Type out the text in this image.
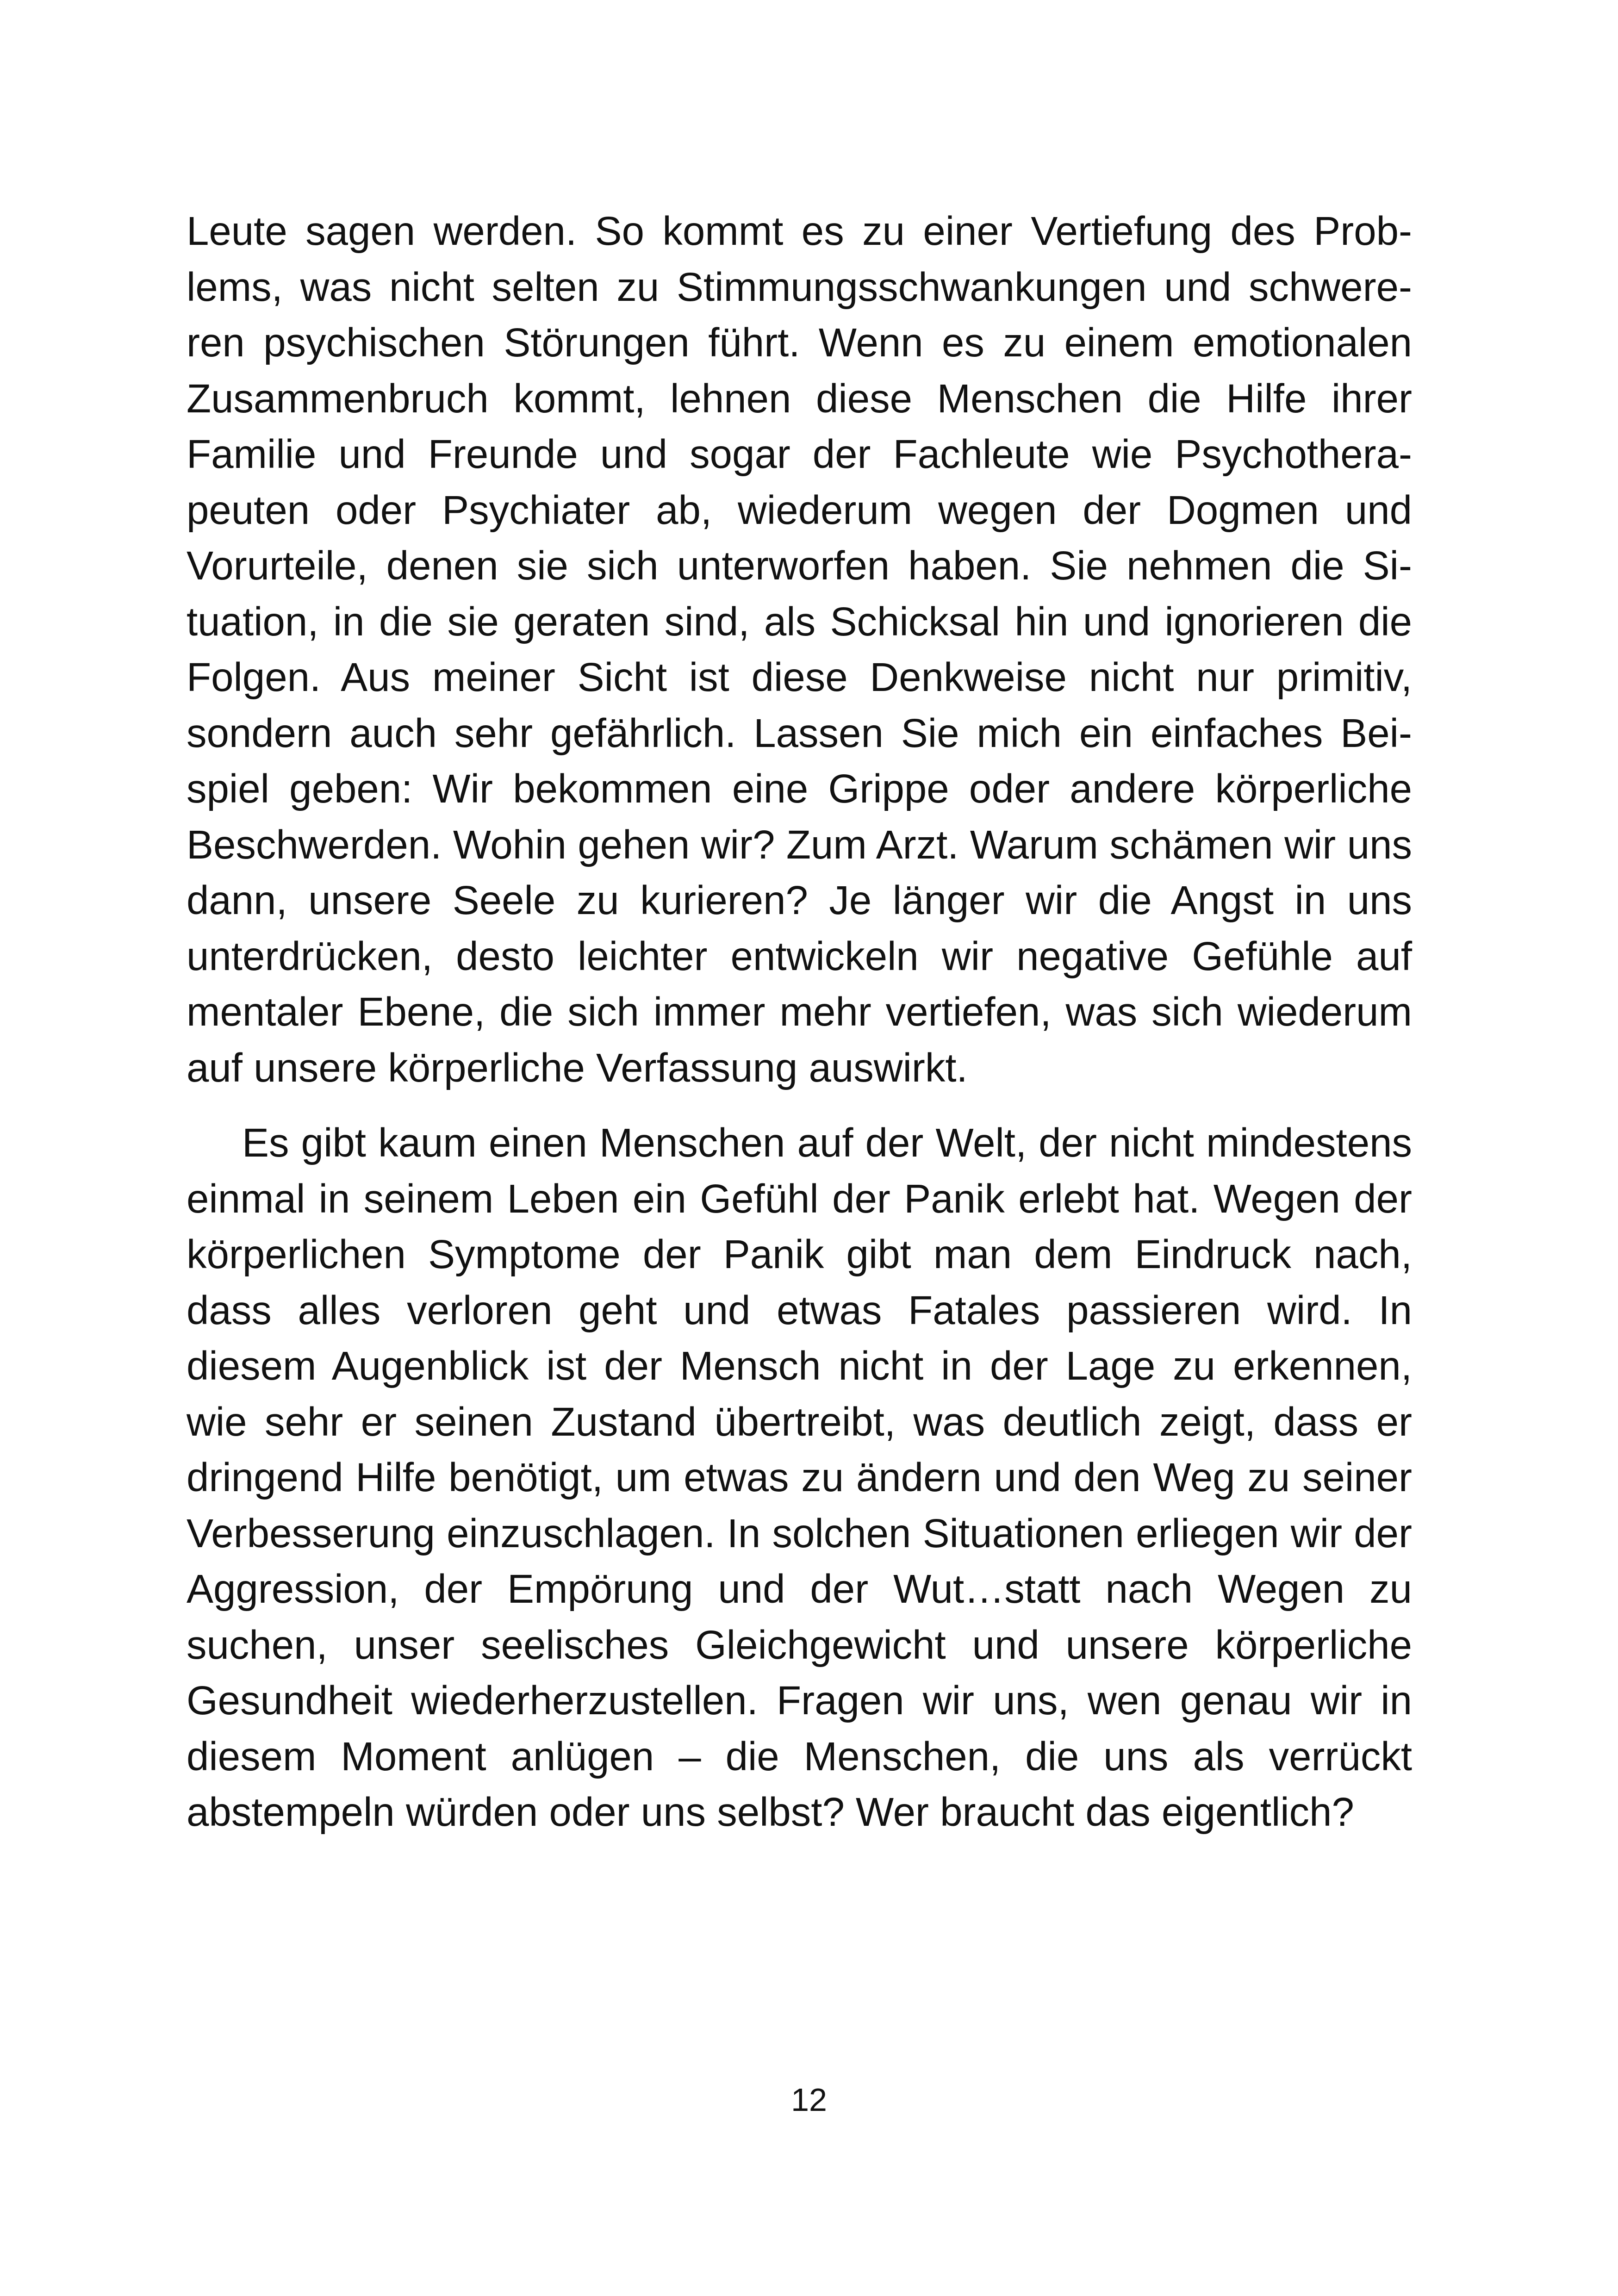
Leute sagen werden. So kommt es zu einer Vertiefung des Problems, was nicht selten zu Stimmungsschwankungen und schwereren psychischen Störungen führt. Wenn es zu einem emotionalen Zusammenbruch kommt, lehnen diese Menschen die Hilfe ihrer Familie und Freunde und sogar der Fachleute wie Psychotherapeuten oder Psychiater ab, wiederum wegen der Dogmen und Vorurteile, denen sie sich unterworfen haben. Sie nehmen die Situation, in die sie geraten sind, als Schicksal hin und ignorieren die Folgen. Aus meiner Sicht ist diese Denkweise nicht nur primitiv, sondern auch sehr gefährlich. Lassen Sie mich ein einfaches Beispiel geben: Wir bekommen eine Grippe oder andere körperliche Beschwerden. Wohin gehen wir? Zum Arzt. Warum schämen wir uns dann, unsere Seele zu kurieren? Je länger wir die Angst in uns unterdrücken, desto leichter entwickeln wir negative Gefühle auf mentaler Ebene, die sich immer mehr vertiefen, was sich wiederum auf unsere körperliche Verfassung auswirkt.

Es gibt kaum einen Menschen auf der Welt, der nicht mindestens einmal in seinem Leben ein Gefühl der Panik erlebt hat. Wegen der körperlichen Symptome der Panik gibt man dem Eindruck nach, dass alles verloren geht und etwas Fatales passieren wird. In diesem Augenblick ist der Mensch nicht in der Lage zu erkennen, wie sehr er seinen Zustand übertreibt, was deutlich zeigt, dass er dringend Hilfe benötigt, um etwas zu ändern und den Weg zu seiner Verbesserung einzuschlagen. In solchen Situationen erliegen wir der Aggression, der Empörung und der Wut…statt nach Wegen zu suchen, unser seelisches Gleichgewicht und unsere körperliche Gesundheit wiederherzustellen. Fragen wir uns, wen genau wir in diesem Moment anlügen – die Menschen, die uns als verrückt abstempeln würden oder uns selbst? Wer braucht das eigentlich?

12
